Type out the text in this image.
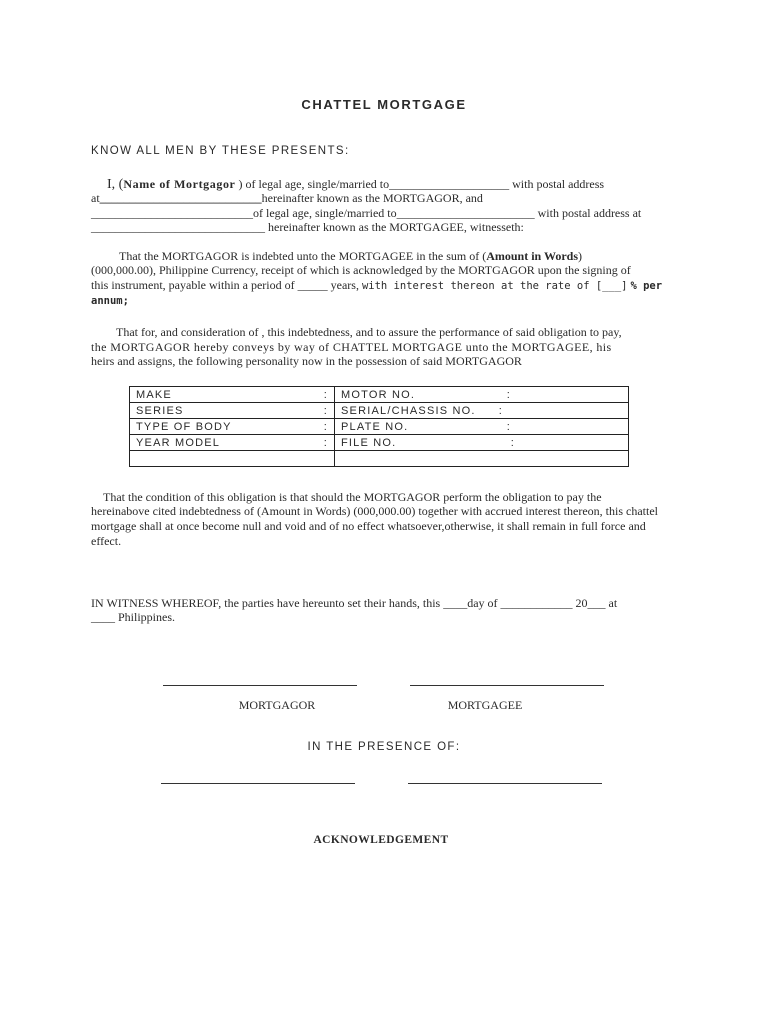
CHATTEL MORTGAGE
KNOW ALL MEN BY THESE PRESENTS:
I, (Name of Mortgagor ) of legal age, single/married to____________________ with postal address
at___________________________hereinafter known as the MORTGAGOR, and
___________________________of legal age, single/married to_______________________ with postal address at
_____________________________ hereinafter known as the MORTGAGEE, witnesseth:
That the MORTGAGOR is indebted unto the MORTGAGEE in the sum of (Amount in Words)
(000,000.00), Philippine Currency, receipt of which is acknowledged by the MORTGAGOR upon the signing of
this instrument, payable within a period of _____ years, with interest thereon at the rate of [___] % per
annum;
That for, and consideration of , this indebtedness, and to assure the performance of said obligation to pay,
the MORTGAGOR hereby conveys by way of CHATTEL MORTGAGE unto the MORTGAGEE, his
heirs and assigns, the following personality now in the possession of said MORTGAGOR
MAKE :	MOTOR NO. :

SERIES :	SERIAL/CHASSIS NO. :

TYPE OF BODY :	PLATE NO. :

YEAR MODEL :	FILE NO. :

That the condition of this obligation is that should the MORTGAGOR perform the obligation to pay the
hereinabove cited indebtedness of (Amount in Words) (000,000.00) together with accrued interest thereon, this chattel
mortgage shall at once become null and void and of no effect whatsoever,otherwise, it shall remain in full force and
effect.
IN WITNESS WHEREOF, the parties have hereunto set their hands, this ____day of ____________ 20___ at
____ Philippines.
MORTGAGOR	MORTGAGEE
IN THE PRESENCE OF:
ACKNOWLEDGEMENT
